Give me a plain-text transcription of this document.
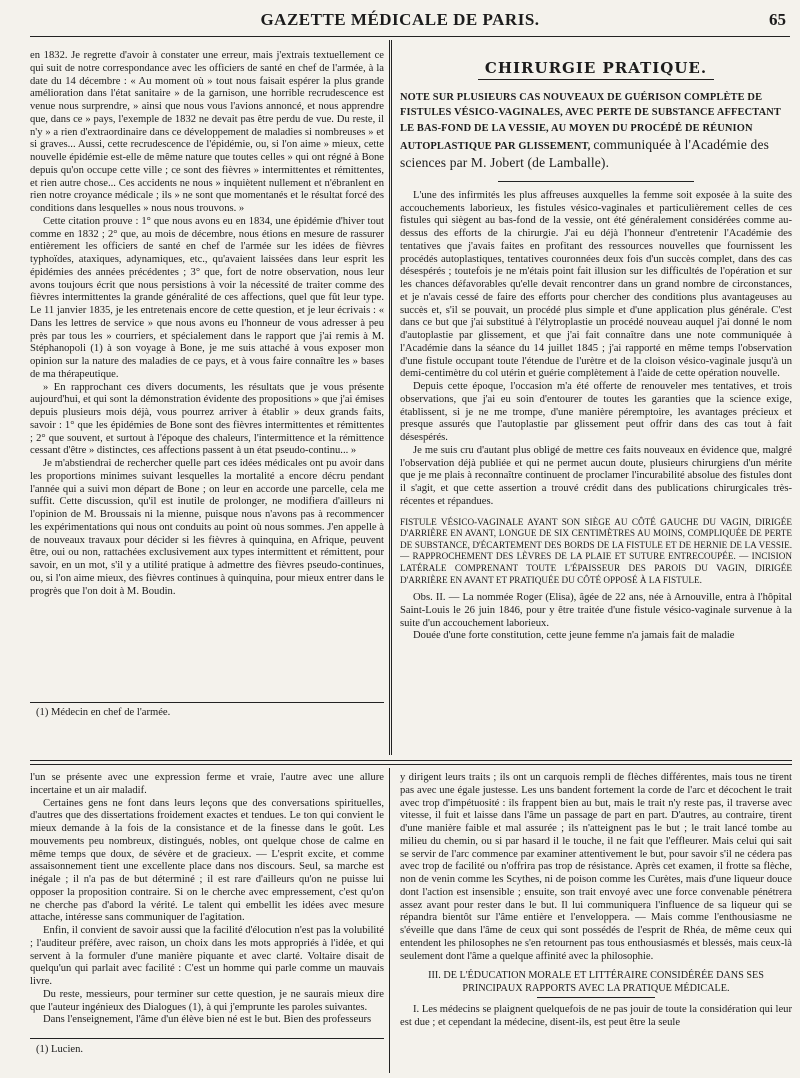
GAZETTE MÉDICALE DE PARIS.	65

en 1832. Je regrette d'avoir à constater une erreur, mais j'extrais textuellement ce qui suit de notre correspondance avec les officiers de santé en chef de l'armée, à la date du 14 décembre : « Au moment où » tout nous faisait espérer la plus grande amélioration dans l'état sanitaire » de la garnison, une horrible recrudescence est venue nous surprendre, » ainsi que nous vous l'avions annoncé, et nous apprendre que, dans ce » pays, l'exemple de 1832 ne devait pas être perdu de vue. Du reste, il n'y » a rien d'extraordinaire dans ce développement de maladies si nombreuses » et si graves... Aussi, cette recrudescence de l'épidémie, ou, si l'on aime » mieux, cette nouvelle épidémie est-elle de même nature que toutes celles » qui ont régné à Bone depuis qu'on occupe cette ville ; ce sont des fièvres » intermittentes et rémittentes, et rien autre chose... Ces accidents ne nous » inquiètent nullement et n'ébranlent en rien notre croyance médicale ; ils » ne sont que momentanés et le résultat forcé des conditions dans lesquelles » nous nous trouvons. »

Cette citation prouve : 1° que nous avons eu en 1834, une épidémie d'hiver tout comme en 1832 ; 2° que, au mois de décembre, nous étions en mesure de rassurer entièrement les officiers de santé en chef de l'armée sur les idées de fièvres typhoïdes, ataxiques, adynamiques, etc., qu'avaient laissées dans leur esprit les épidémies des années précédentes ; 3° que, fort de notre observation, nous leur avons toujours écrit que nous persistions à voir la nécessité de traiter comme des fièvres intermittentes la grande généralité de ces affections, quel que fût leur type. Le 11 janvier 1835, je les entretenais encore de cette question, et je leur écrivais : « Dans les lettres de service » que nous avons eu l'honneur de vous adresser à peu près par tous les » courriers, et spécialement dans le rapport que j'ai remis à M. Stéphanopoli (1) à son voyage à Bone, je me suis attaché à vous exposer mon opinion sur la nature des maladies de ce pays, et à vous faire connaître les » bases de ma thérapeutique.

» En rapprochant ces divers documents, les résultats que je vous présente aujourd'hui, et qui sont la démonstration évidente des propositions » que j'ai émises depuis plusieurs mois déjà, vous pourrez arriver à établir » deux grands faits, savoir : 1° que les épidémies de Bone sont des fièvres intermittentes et rémittentes ; 2° que souvent, et surtout à l'époque des chaleurs, l'intermittence et la rémittence cessant d'être » distinctes, ces affections passent à un état pseudo-continu... »

Je m'abstiendrai de rechercher quelle part ces idées médicales ont pu avoir dans les proportions minimes suivant lesquelles la mortalité a encore décru pendant l'année qui a suivi mon départ de Bone ; on leur en accorde une parcelle, cela me suffit. Cette discussion, qu'il est inutile de prolonger, ne modifiera d'ailleurs ni l'opinion de M. Broussais ni la mienne, puisque nous n'avons pas à recommencer les expérimentations qui nous ont conduits au point où nous sommes. J'en appelle à de nouveaux travaux pour décider si les fièvres à quinquina, en Afrique, peuvent être, oui ou non, rattachées exclusivement aux types intermittent et rémittent, pour savoir, en un mot, s'il y a utilité pratique à admettre des fièvres pseudo-continues, ou, si l'on aime mieux, des fièvres continues à quinquina, pour mieux entrer dans le progrès que l'on doit à M. Boudin.

(1) Médecin en chef de l'armée.
CHIRURGIE PRATIQUE.
NOTE SUR PLUSIEURS CAS NOUVEAUX DE GUÉRISON COMPLÈTE DE FISTULES VÉSICO-VAGINALES, AVEC PERTE DE SUBSTANCE AFFECTANT LE BAS-FOND DE LA VESSIE, AU MOYEN DU PROCÉDÉ DE RÉUNION AUTOPLASTIQUE PAR GLISSEMENT, communiquée à l'Académie des sciences par M. Jobert (de Lamballe).

L'une des infirmités les plus affreuses auxquelles la femme soit exposée à la suite des accouchements laborieux, les fistules vésico-vaginales et particulièrement celles de ces fistules qui siègent au bas-fond de la vessie, ont été généralement considérées comme au-dessus des efforts de la chirurgie. J'ai eu déjà l'honneur d'entretenir l'Académie des tentatives que j'avais faites en profitant des ressources nouvelles que fournissent les procédés autoplastiques, tentatives couronnées deux fois d'un succès complet, dans des cas désespérés ; toutefois je ne m'étais point fait illusion sur les difficultés de l'opération et sur les chances défavorables qu'elle devait rencontrer dans un grand nombre de circonstances, et je n'avais cessé de faire des efforts pour chercher des conditions plus avantageuses au succès et, s'il se pouvait, un procédé plus simple et d'une application plus générale. C'est dans ce but que j'ai substitué à l'élytroplastie un procédé nouveau auquel j'ai donné le nom d'autoplastie par glissement, et que j'ai fait connaître dans une note communiquée à l'Académie dans la séance du 14 juillet 1845 ; j'ai rapporté en même temps l'observation d'une fistule occupant toute l'étendue de l'urètre et de la cloison vésico-vaginale jusqu'à un demi-centimètre du col utérin et guérie complètement à l'aide de cette opération nouvelle.

Depuis cette époque, l'occasion m'a été offerte de renouveler mes tentatives, et trois observations, que j'ai eu soin d'entourer de toutes les garanties que la science exige, établissent, si je ne me trompe, d'une manière péremptoire, les avantages précieux et presque assurés que l'autoplastie par glissement peut offrir dans des cas tout à fait désespérés.

Je me suis cru d'autant plus obligé de mettre ces faits nouveaux en évidence que, malgré l'observation déjà publiée et qui ne permet aucun doute, plusieurs chirurgiens d'un mérite que je me plais à reconnaître continuent de proclamer l'incurabilité absolue des fistules dont il s'agit, et que cette assertion a trouvé crédit dans des publications chirurgicales très-récentes et répandues.

FISTULE VÉSICO-VAGINALE AYANT SON SIÈGE AU CÔTÉ GAUCHE DU VAGIN, DIRIGÉE D'ARRIÈRE EN AVANT, LONGUE DE SIX CENTIMÈTRES AU MOINS, COMPLIQUÉE DE PERTE DE SUBSTANCE, D'ÉCARTEMENT DES BORDS DE LA FISTULE ET DE HERNIE DE LA VESSIE. — RAPPROCHEMENT DES LÈVRES DE LA PLAIE ET SUTURE ENTRECOUPÉE. — INCISION LATÉRALE COMPRENANT TOUTE L'ÉPAISSEUR DES PAROIS DU VAGIN, DIRIGÉE D'ARRIÈRE EN AVANT ET PRATIQUÉE DU CÔTÉ OPPOSÉ À LA FISTULE.

Obs. II. — La nommée Roger (Elisa), âgée de 22 ans, née à Arnouville, entra à l'hôpital Saint-Louis le 26 juin 1846, pour y être traitée d'une fistule vésico-vaginale survenue à la suite d'un accouchement laborieux.

Douée d'une forte constitution, cette jeune femme n'a jamais fait de maladie

l'un se présente avec une expression ferme et vraie, l'autre avec une allure incertaine et un air maladif.

Certaines gens ne font dans leurs leçons que des conversations spirituelles, d'autres que des dissertations froidement exactes et tendues. Le ton qui convient le mieux demande à la fois de la consistance et de la finesse dans le goût. Les mouvements peu nombreux, distingués, nobles, ont quelque chose de calme en même temps que doux, de sévère et de gracieux. — L'esprit excite, et comme assaisonnement tient une excellente place dans nos discours. Seul, sa marche est inégale ; il n'a pas de but déterminé ; il est rare d'ailleurs qu'on ne puisse lui opposer la proposition contraire. Si on le cherche avec empressement, c'est qu'on ne cherche pas d'abord la vérité. Le talent qui embellit les idées avec mesure attache, intéresse sans communiquer de l'agitation.

Enfin, il convient de savoir aussi que la facilité d'élocution n'est pas la volubilité ; l'auditeur préfère, avec raison, un choix dans les mots appropriés à l'idée, et qui servent à la formuler d'une manière piquante et avec clarté. Voltaire disait de quelqu'un qui parlait avec facilité : C'est un homme qui parle comme un mauvais livre.

Du reste, messieurs, pour terminer sur cette question, je ne saurais mieux dire que l'auteur ingénieux des Dialogues (1), à qui j'emprunte les paroles suivantes.

Dans l'enseignement, l'âme d'un élève bien né est le but. Bien des professeurs

(1) Lucien.

y dirigent leurs traits ; ils ont un carquois rempli de flèches différentes, mais tous ne tirent pas avec une égale justesse. Les uns bandent fortement la corde de l'arc et décochent le trait avec trop d'impétuosité : ils frappent bien au but, mais le trait n'y reste pas, il traverse avec vitesse, il fuit et laisse dans l'âme un passage de part en part. D'autres, au contraire, tirent d'une manière faible et mal assurée ; ils n'atteignent pas le but ; le trait lancé tombe au milieu du chemin, ou si par hasard il le touche, il ne fait que l'effleurer. Mais celui qui sait se servir de l'arc commence par examiner attentivement le but, pour savoir s'il ne cédera pas avec trop de facilité ou n'offrira pas trop de résistance. Après cet examen, il frotte sa flèche, non de venin comme les Scythes, ni de poison comme les Curètes, mais d'une liqueur douce dont l'action est insensible ; ensuite, son trait envoyé avec une force convenable pénétrera assez avant pour rester dans le but. Il lui communiquera l'influence de sa liqueur qui se répandra bientôt sur l'âme entière et l'enveloppera. — Mais comme l'enthousiasme ne s'éveille que dans l'âme de ceux qui sont possédés de l'esprit de Rhéa, de même ceux qui entendent les philosophes ne s'en retournent pas tous enthousiasmés et blessés, mais ceux-là seulement dont l'âme a quelque affinité avec la philosophie.

III. DE L'ÉDUCATION MORALE ET LITTÉRAIRE CONSIDÉRÉE DANS SES PRINCIPAUX RAPPORTS AVEC LA PRATIQUE MÉDICALE.

I. Les médecins se plaignent quelquefois de ne pas jouir de toute la considération qui leur est due ; et cependant la médecine, disent-ils, est peut être la seule
